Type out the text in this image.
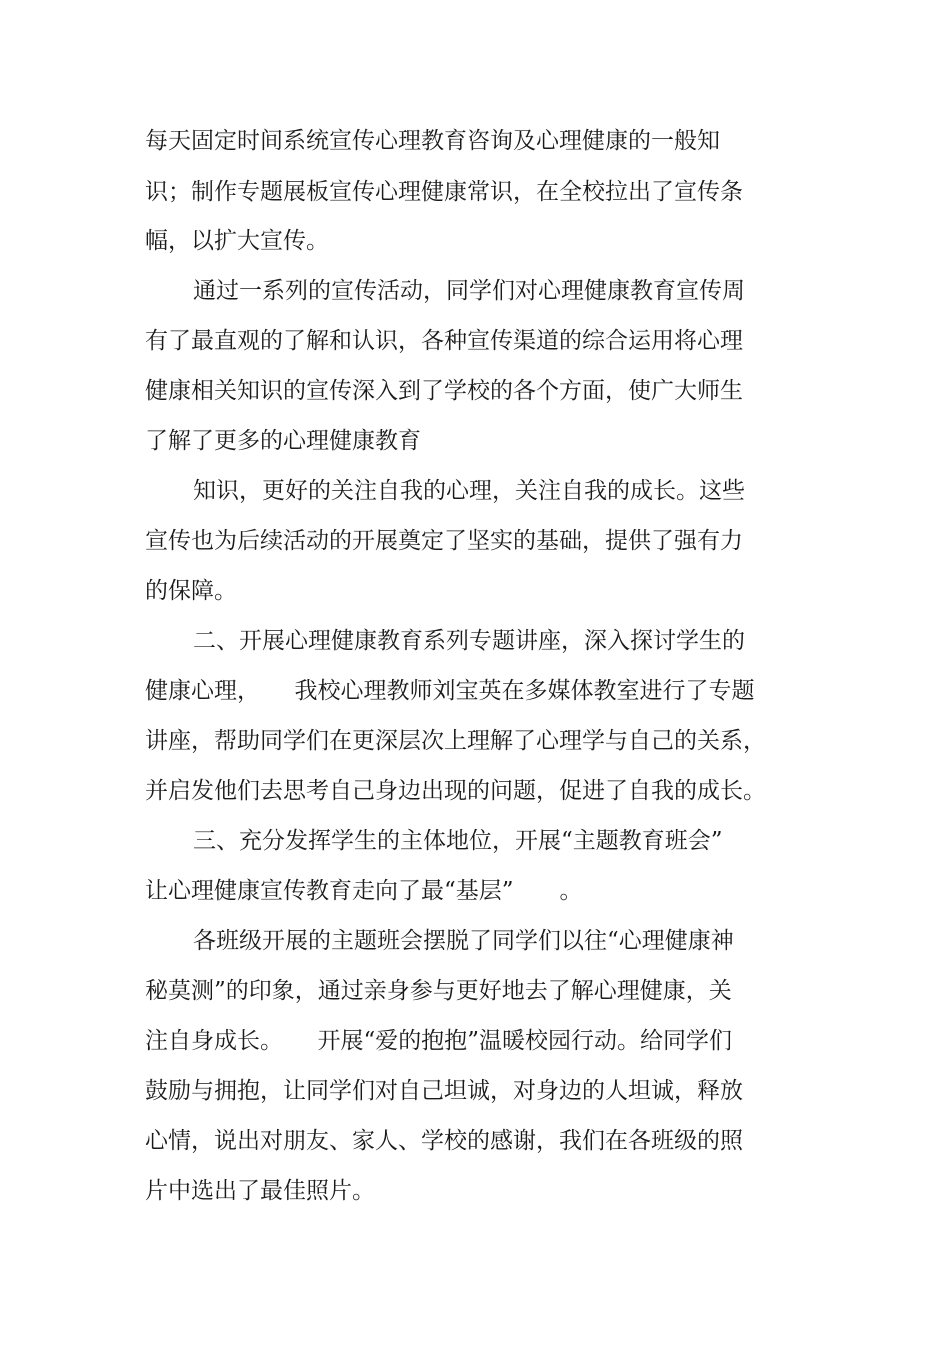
每天固定时间系统宣传心理教育咨询及心理健康的一般知
识；制作专题展板宣传心理健康常识，在全校拉出了宣传条
幅，以扩大宣传。
通过一系列的宣传活动，同学们对心理健康教育宣传周
有了最直观的了解和认识，各种宣传渠道的综合运用将心理
健康相关知识的宣传深入到了学校的各个方面，使广大师生
了解了更多的心理健康教育
知识，更好的关注自我的心理，关注自我的成长。这些
宣传也为后续活动的开展奠定了坚实的基础，提供了强有力
的保障。
二、开展心理健康教育系列专题讲座，深入探讨学生的
健康心理，　　我校心理教师刘宝英在多媒体教室进行了专题
讲座，帮助同学们在更深层次上理解了心理学与自己的关系，
并启发他们去思考自己身边出现的问题，促进了自我的成长。
三、充分发挥学生的主体地位，开展“主题教育班会”
让心理健康宣传教育走向了最“基层”　　。
各班级开展的主题班会摆脱了同学们以往“心理健康神
秘莫测”的印象，通过亲身参与更好地去了解心理健康，关
注自身成长。　　开展“爱的抱抱”温暖校园行动。给同学们
鼓励与拥抱，让同学们对自己坦诚，对身边的人坦诚，释放
心情，说出对朋友、家人、学校的感谢，我们在各班级的照
片中选出了最佳照片。
